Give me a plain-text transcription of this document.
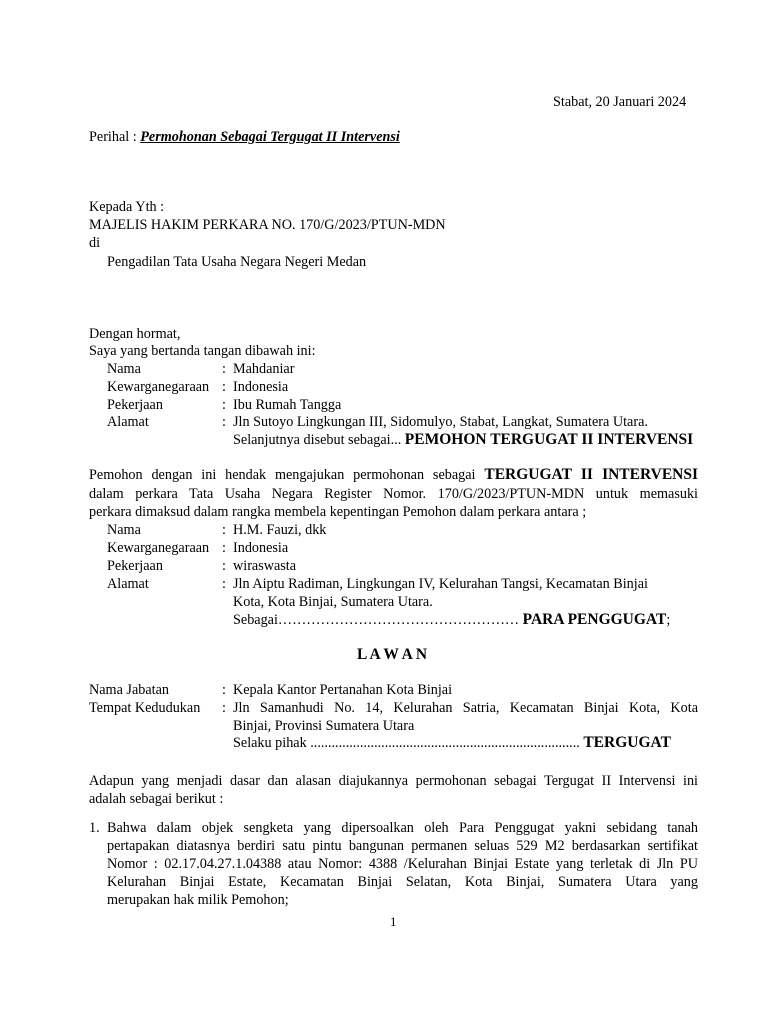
Stabat, 20 Januari 2024
Perihal : Permohonan Sebagai Tergugat II Intervensi
Kepada Yth :
MAJELIS HAKIM PERKARA NO. 170/G/2023/PTUN-MDN
di
Pengadilan Tata Usaha Negara Negeri Medan
Dengan hormat,
Saya yang bertanda tangan dibawah ini:
Nama	: Mahdaniar
Kewarganegaraan : Indonesia
Pekerjaan	: Ibu Rumah Tangga
Alamat	: Jln Sutoyo Lingkungan III, Sidomulyo, Stabat, Langkat, Sumatera Utara.
Selanjutnya disebut sebagai... PEMOHON TERGUGAT II INTERVENSI
Pemohon dengan ini hendak mengajukan permohonan sebagai TERGUGAT II INTERVENSI
dalam perkara Tata Usaha Negara Register Nomor. 170/G/2023/PTUN-MDN untuk memasuki
perkara dimaksud dalam rangka membela kepentingan Pemohon dalam perkara antara ;
Nama	: H.M. Fauzi, dkk
Kewarganegaraan : Indonesia
Pekerjaan	: wiraswasta
Alamat	: Jln Aiptu Radiman, Lingkungan IV, Kelurahan Tangsi, Kecamatan Binjai
Kota, Kota Binjai, Sumatera Utara.
Sebagai…………………………………………… PARA PENGGUGAT;
L A W A N
Nama Jabatan	: Kepala Kantor Pertanahan Kota Binjai
Tempat Kedudukan : Jln Samanhudi No. 14, Kelurahan Satria, Kecamatan Binjai Kota, Kota
Binjai, Provinsi Sumatera Utara
Selaku pihak ............................................................................ TERGUGAT
Adapun yang menjadi dasar dan alasan diajukannya permohonan sebagai Tergugat II Intervensi ini
adalah sebagai berikut :
1. Bahwa dalam objek sengketa yang dipersoalkan oleh Para Penggugat yakni sebidang tanah
pertapakan diatasnya berdiri satu pintu bangunan permanen seluas 529 M2 berdasarkan sertifikat
Nomor : 02.17.04.27.1.04388 atau Nomor: 4388 /Kelurahan Binjai Estate yang terletak di Jln PU
Kelurahan Binjai Estate, Kecamatan Binjai Selatan, Kota Binjai, Sumatera Utara yang
merupakan hak milik Pemohon;
1
